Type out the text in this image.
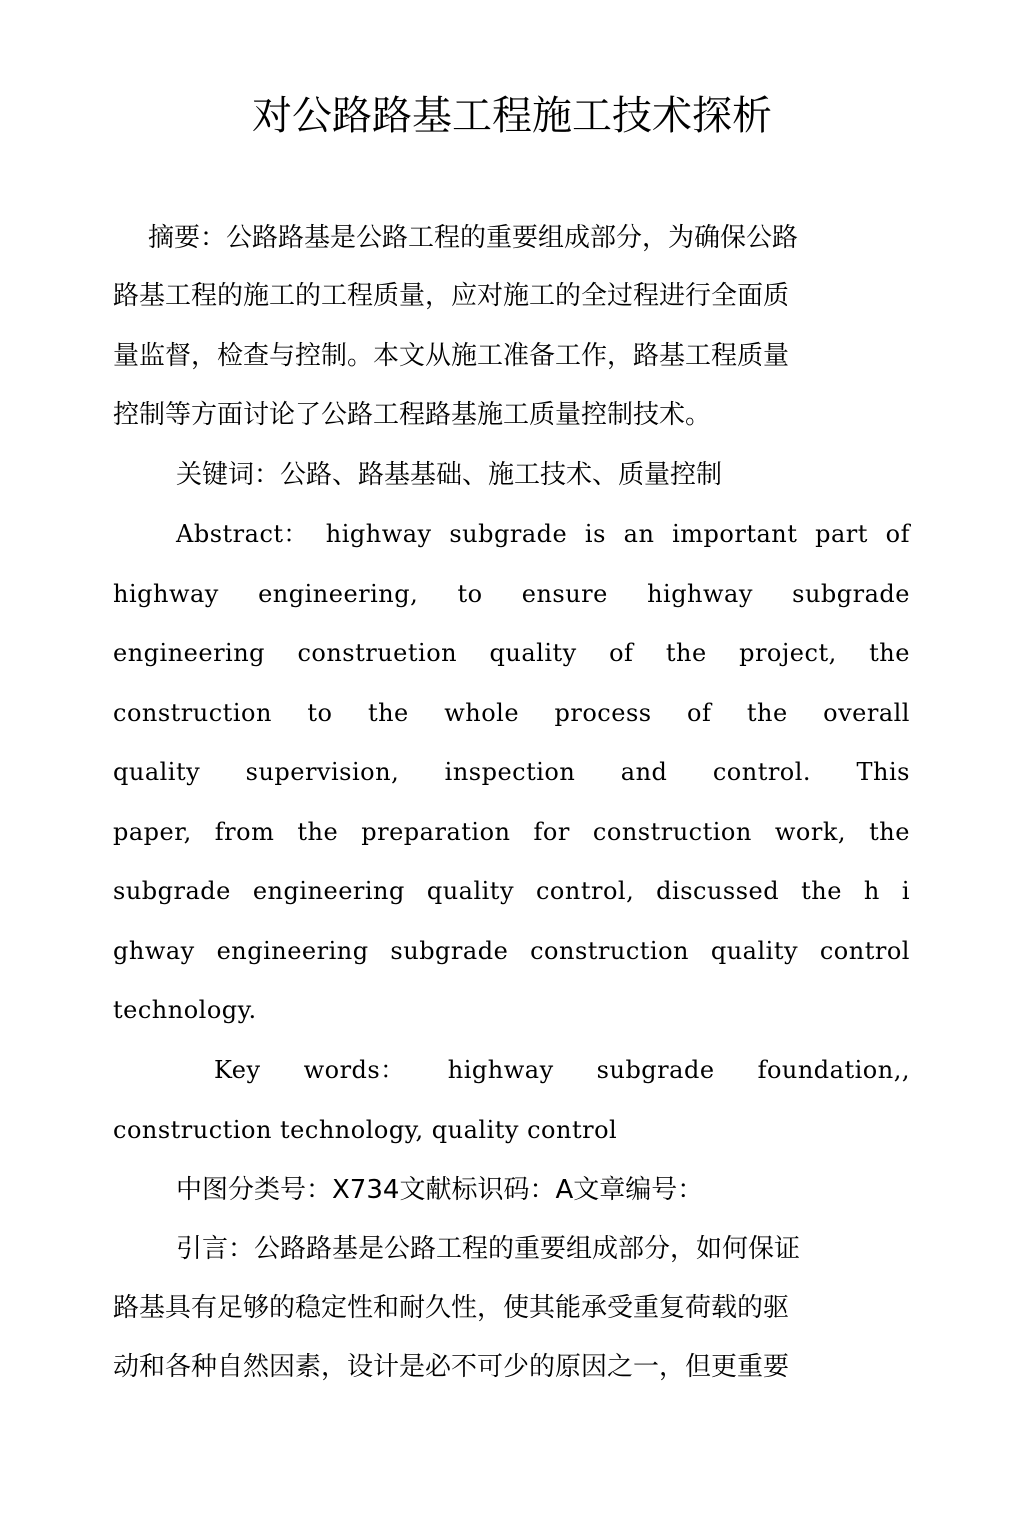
对公路路基工程施工技术探析
摘要：公路路基是公路工程的重要组成部分，为确保公路
路基工程的施工的工程质量，应对施工的全过程进行全面质
量监督，检查与控制。本文从施工准备工作，路基工程质量
控制等方面讨论了公路工程路基施工质量控制技术。
关键词：公路、路基基础、施工技术、质量控制
Abstract： highway subgrade is an important part of
highway engineering, to ensure highway subgrade
engineering construetion quality of the project, the
construction to the whole process of the overall
quality supervision, inspection and control. This
paper, from the preparation for construction work, the
subgrade engineering quality control, discussed the h i
ghway engineering subgrade construction quality control
technology.
Key words： highway subgrade foundation,,
construction technology, quality control
中图分类号：X734文献标识码：A文章编号：
引言：公路路基是公路工程的重要组成部分，如何保证
路基具有足够的稳定性和耐久性，使其能承受重复荷载的驱
动和各种自然因素，设计是必不可少的原因之一，但更重要
